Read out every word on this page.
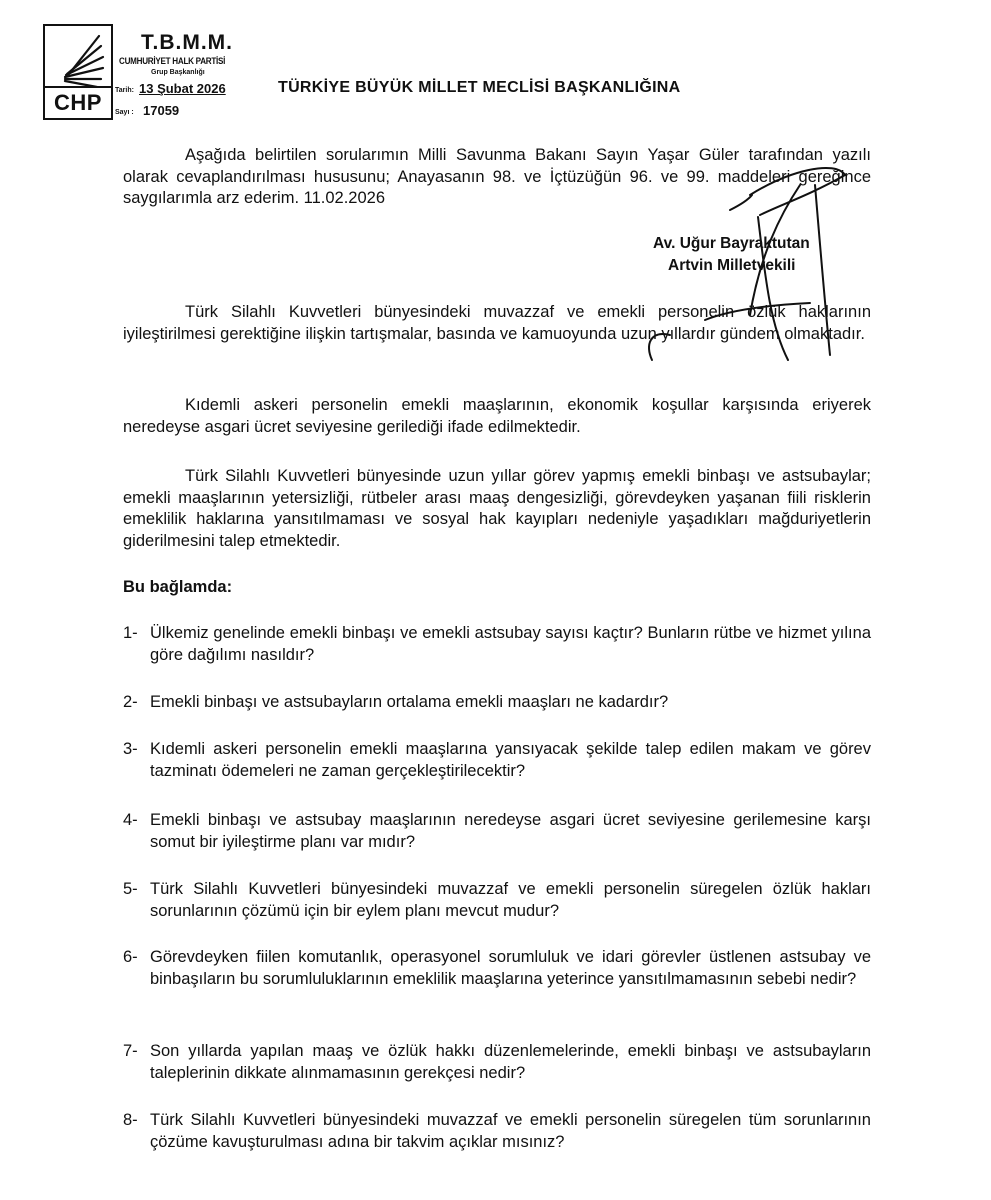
CHP
T.B.M.M.
CUMHURİYET HALK PARTİSİ
Grup Başkanlığı
Tarih: 13 Şubat 2026
Sayı : 17059
TÜRKİYE BÜYÜK MİLLET MECLİSİ BAŞKANLIĞINA
Aşağıda belirtilen sorularımın Milli Savunma Bakanı Sayın Yaşar Güler tarafından yazılı olarak cevaplandırılması hususunu; Anayasanın 98. ve İçtüzüğün 96. ve 99. maddeleri gereğince saygılarımla arz ederim. 11.02.2026
Av. Uğur Bayraktutan
Artvin Milletvekili
Türk Silahlı Kuvvetleri bünyesindeki muvazzaf ve emekli personelin özlük haklarının iyileştirilmesi gerektiğine ilişkin tartışmalar, basında ve kamuoyunda uzun yıllardır gündem olmaktadır.
Kıdemli askeri personelin emekli maaşlarının, ekonomik koşullar karşısında eriyerek neredeyse asgari ücret seviyesine gerilediği ifade edilmektedir.
Türk Silahlı Kuvvetleri bünyesinde uzun yıllar görev yapmış emekli binbaşı ve astsubaylar; emekli maaşlarının yetersizliği, rütbeler arası maaş dengesizliği, görevdeyken yaşanan fiili risklerin emeklilik haklarına yansıtılmaması ve sosyal hak kayıpları nedeniyle yaşadıkları mağduriyetlerin giderilmesini talep etmektedir.
Bu bağlamda:
1- Ülkemiz genelinde emekli binbaşı ve emekli astsubay sayısı kaçtır? Bunların rütbe ve hizmet yılına göre dağılımı nasıldır?
2- Emekli binbaşı ve astsubayların ortalama emekli maaşları ne kadardır?
3- Kıdemli askeri personelin emekli maaşlarına yansıyacak şekilde talep edilen makam ve görev tazminatı ödemeleri ne zaman gerçekleştirilecektir?
4- Emekli binbaşı ve astsubay maaşlarının neredeyse asgari ücret seviyesine gerilemesine karşı somut bir iyileştirme planı var mıdır?
5- Türk Silahlı Kuvvetleri bünyesindeki muvazzaf ve emekli personelin süregelen özlük hakları sorunlarının çözümü için bir eylem planı mevcut mudur?
6- Görevdeyken fiilen komutanlık, operasyonel sorumluluk ve idari görevler üstlenen astsubay ve binbaşıların bu sorumluluklarının emeklilik maaşlarına yeterince yansıtılmamasının sebebi nedir?
7- Son yıllarda yapılan maaş ve özlük hakkı düzenlemelerinde, emekli binbaşı ve astsubayların taleplerinin dikkate alınmamasının gerekçesi nedir?
8- Türk Silahlı Kuvvetleri bünyesindeki muvazzaf ve emekli personelin süregelen tüm sorunlarının çözüme kavuşturulması adına bir takvim açıklar mısınız?
